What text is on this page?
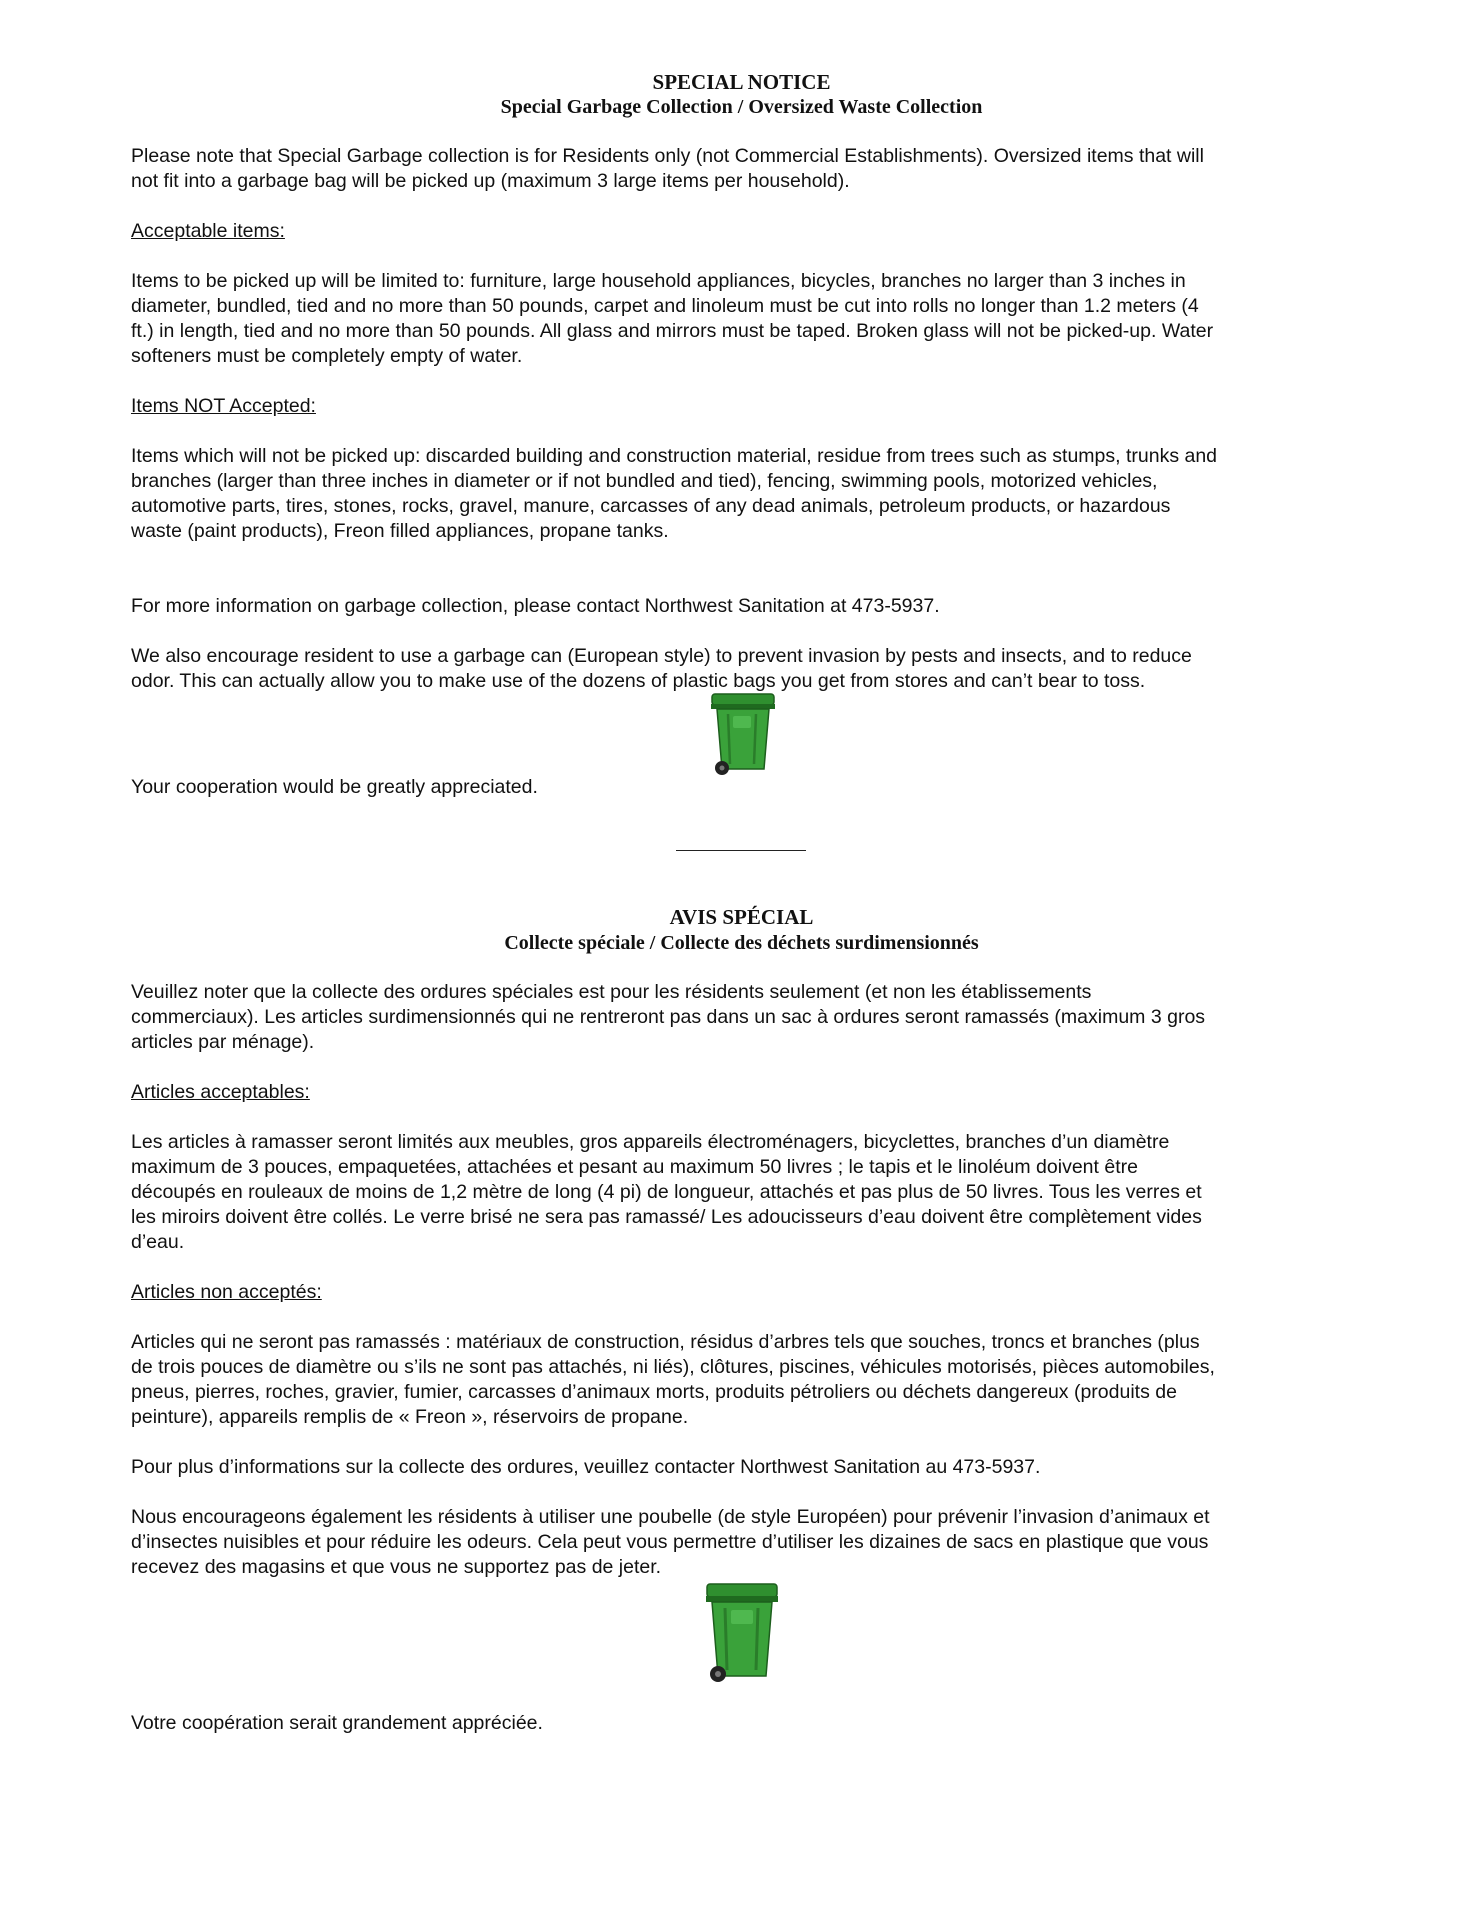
SPECIAL NOTICE
Special Garbage Collection / Oversized Waste Collection

Please note that Special Garbage collection is for Residents only (not Commercial Establishments). Oversized items that will
not fit into a garbage bag will be picked up (maximum 3 large items per household).

Acceptable items:

Items to be picked up will be limited to: furniture, large household appliances, bicycles, branches no larger than 3 inches in
diameter, bundled, tied and no more than 50 pounds, carpet and linoleum must be cut into rolls no longer than 1.2 meters (4
ft.) in length, tied and no more than 50 pounds. All glass and mirrors must be taped. Broken glass will not be picked-up. Water
softeners must be completely empty of water.

Items NOT Accepted:

Items which will not be picked up: discarded building and construction material, residue from trees such as stumps, trunks and
branches (larger than three inches in diameter or if not bundled and tied), fencing, swimming pools, motorized vehicles,
automotive parts, tires, stones, rocks, gravel, manure, carcasses of any dead animals, petroleum products, or hazardous
waste (paint products), Freon filled appliances, propane tanks.

For more information on garbage collection, please contact Northwest Sanitation at 473-5937.

We also encourage resident to use a garbage can (European style) to prevent invasion by pests and insects, and to reduce
odor. This can actually allow you to make use of the dozens of plastic bags you get from stores and can’t bear to toss.

Your cooperation would be greatly appreciated.

AVIS SPÉCIAL
Collecte spéciale / Collecte des déchets surdimensionnés

Veuillez noter que la collecte des ordures spéciales est pour les résidents seulement (et non les établissements
commerciaux). Les articles surdimensionnés qui ne rentreront pas dans un sac à ordures seront ramassés (maximum 3 gros
articles par ménage).

Articles acceptables:

Les articles à ramasser seront limités aux meubles, gros appareils électroménagers, bicyclettes, branches d’un diamètre
maximum de 3 pouces, empaquetées, attachées et pesant au maximum 50 livres ; le tapis et le linoléum doivent être
découpés en rouleaux de moins de 1,2 mètre de long (4 pi) de longueur, attachés et pas plus de 50 livres. Tous les verres et
les miroirs doivent être collés. Le verre brisé ne sera pas ramassé/ Les adoucisseurs d’eau doivent être complètement vides
d’eau.

Articles non acceptés:

Articles qui ne seront pas ramassés : matériaux de construction, résidus d’arbres tels que souches, troncs et branches (plus
de trois pouces de diamètre ou s’ils ne sont pas attachés, ni liés), clôtures, piscines, véhicules motorisés, pièces automobiles,
pneus, pierres, roches, gravier, fumier, carcasses d’animaux morts, produits pétroliers ou déchets dangereux (produits de
peinture), appareils remplis de « Freon », réservoirs de propane.

Pour plus d’informations sur la collecte des ordures, veuillez contacter Northwest Sanitation au 473-5937.

Nous encourageons également les résidents à utiliser une poubelle (de style Européen) pour prévenir l’invasion d’animaux et
d’insectes nuisibles et pour réduire les odeurs. Cela peut vous permettre d’utiliser les dizaines de sacs en plastique que vous
recevez des magasins et que vous ne supportez pas de jeter.

Votre coopération serait grandement appréciée.
